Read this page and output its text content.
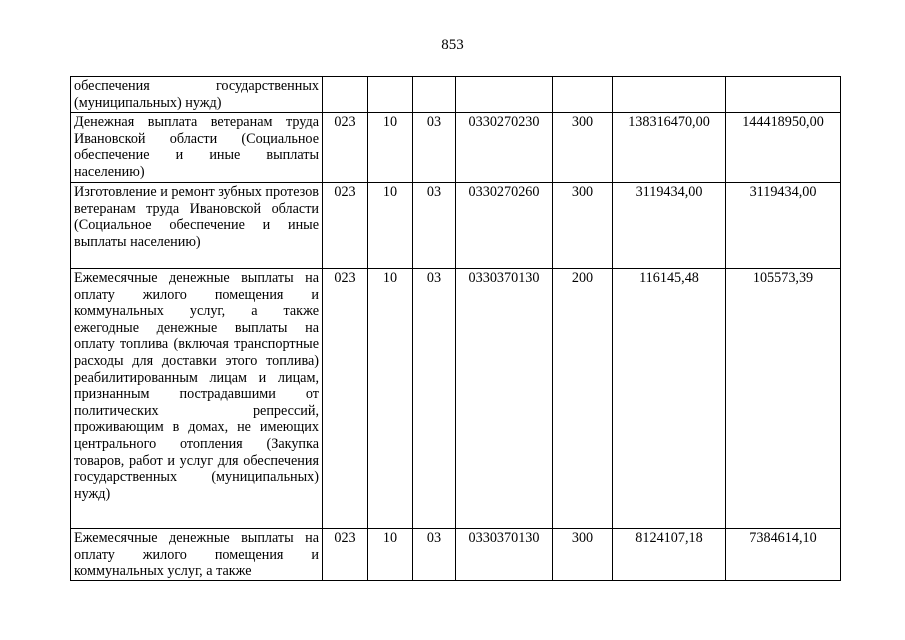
853
обеспечения государственных (муниципальных) нужд)							
Денежная выплата ветеранам труда Ивановской области (Социальное обеспечение и иные выплаты населению)	023	10	03	0330270230	300	138316470,00	144418950,00
Изготовление и ремонт зубных протезов ветеранам труда Ивановской области (Социальное обеспечение и иные выплаты населению)	023	10	03	0330270260	300	3119434,00	3119434,00
Ежемесячные денежные выплаты на оплату жилого помещения и коммунальных услуг, а также ежегодные денежные выплаты на оплату топлива (включая транспортные расходы для доставки этого топлива) реабилитированным лицам и лицам, признанным пострадавшими от политических репрессий, проживающим в домах, не имеющих центрального отопления (Закупка товаров, работ и услуг для обеспечения государственных (муниципальных) нужд)	023	10	03	0330370130	200	116145,48	105573,39
Ежемесячные денежные выплаты на оплату жилого помещения и коммунальных услуг, а также	023	10	03	0330370130	300	8124107,18	7384614,10
